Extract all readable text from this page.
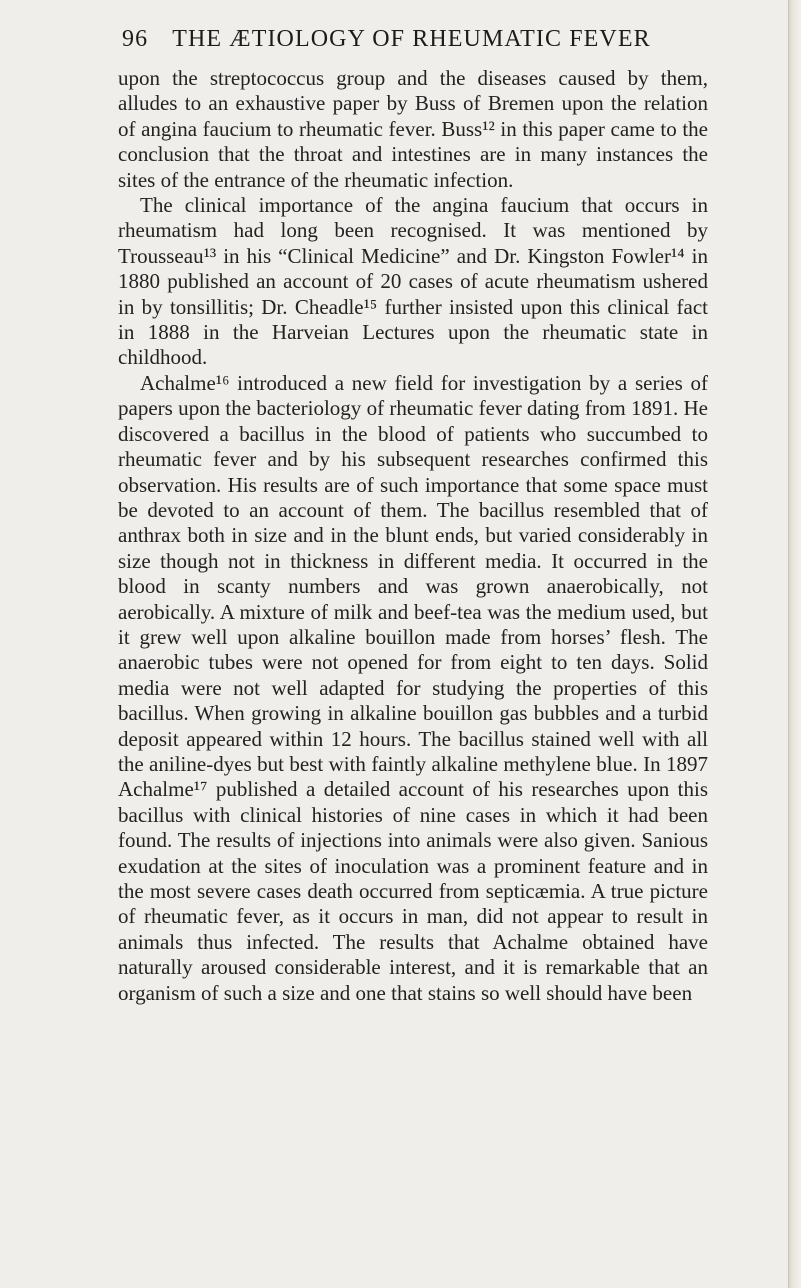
96 THE ÆTIOLOGY OF RHEUMATIC FEVER

upon the streptococcus group and the diseases caused by them, alludes to an exhaustive paper by Buss of Bremen upon the relation of angina faucium to rheumatic fever. Buss¹² in this paper came to the conclusion that the throat and intestines are in many instances the sites of the entrance of the rheumatic infection.

The clinical importance of the angina faucium that occurs in rheumatism had long been recognised. It was mentioned by Trousseau¹³ in his “Clinical Medicine” and Dr. Kingston Fowler¹⁴ in 1880 published an account of 20 cases of acute rheumatism ushered in by tonsillitis; Dr. Cheadle¹⁵ further insisted upon this clinical fact in 1888 in the Harveian Lectures upon the rheumatic state in childhood.

Achalme¹⁶ introduced a new field for investigation by a series of papers upon the bacteriology of rheumatic fever dating from 1891. He discovered a bacillus in the blood of patients who succumbed to rheumatic fever and by his subsequent researches confirmed this observation. His results are of such importance that some space must be devoted to an account of them. The bacillus resembled that of anthrax both in size and in the blunt ends, but varied considerably in size though not in thickness in different media. It occurred in the blood in scanty numbers and was grown anaerobically, not aerobically. A mixture of milk and beef-tea was the medium used, but it grew well upon alkaline bouillon made from horses’ flesh. The anaerobic tubes were not opened for from eight to ten days. Solid media were not well adapted for studying the properties of this bacillus. When growing in alkaline bouillon gas bubbles and a turbid deposit appeared within 12 hours. The bacillus stained well with all the aniline-dyes but best with faintly alkaline methylene blue. In 1897 Achalme¹⁷ published a detailed account of his researches upon this bacillus with clinical histories of nine cases in which it had been found. The results of injections into animals were also given. Sanious exudation at the sites of inoculation was a prominent feature and in the most severe cases death occurred from septicæmia. A true picture of rheumatic fever, as it occurs in man, did not appear to result in animals thus infected. The results that Achalme obtained have naturally aroused considerable interest, and it is remarkable that an organism of such a size and one that stains so well should have been
